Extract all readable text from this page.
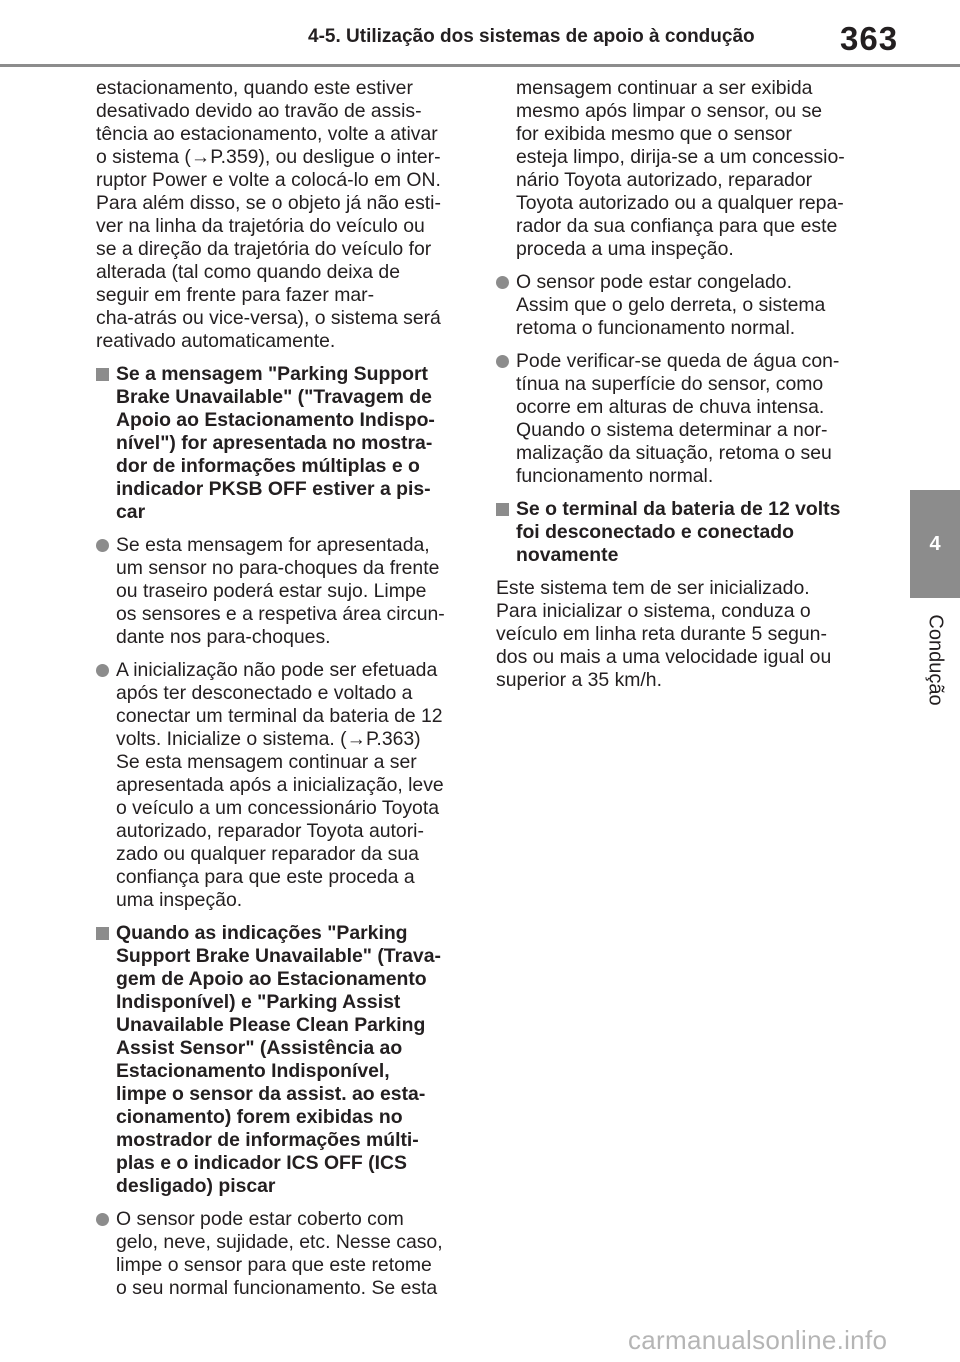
4-5. Utilização dos sistemas de apoio à condução	363
4
Condução
estacionamento, quando este estiver
desativado devido ao travão de assis-
tência ao estacionamento, volte a ativar
o sistema (→P.359), ou desligue o inter-
ruptor Power e volte a colocá-lo em ON.
Para além disso, se o objeto já não esti-
ver na linha da trajetória do veículo ou
se a direção da trajetória do veículo for
alterada (tal como quando deixa de
seguir em frente para fazer mar-
cha-atrás ou vice-versa), o sistema será
reativado automaticamente.
Se a mensagem "Parking Support
Brake Unavailable" ("Travagem de
Apoio ao Estacionamento Indispo-
nível") for apresentada no mostra-
dor de informações múltiplas e o
indicador PKSB OFF estiver a pis-
car
Se esta mensagem for apresentada,
um sensor no para-choques da frente
ou traseiro poderá estar sujo. Limpe
os sensores e a respetiva área circun-
dante nos para-choques.
A inicialização não pode ser efetuada
após ter desconectado e voltado a
conectar um terminal da bateria de 12
volts. Inicialize o sistema. (→P.363)
Se esta mensagem continuar a ser
apresentada após a inicialização, leve
o veículo a um concessionário Toyota
autorizado, reparador Toyota autori-
zado ou qualquer reparador da sua
confiança para que este proceda a
uma inspeção.
Quando as indicações "Parking
Support Brake Unavailable" (Trava-
gem de Apoio ao Estacionamento
Indisponível) e "Parking Assist
Unavailable Please Clean Parking
Assist Sensor" (Assistência ao
Estacionamento Indisponível,
limpe o sensor da assist. ao esta-
cionamento) forem exibidas no
mostrador de informações múlti-
plas e o indicador ICS OFF (ICS
desligado) piscar
O sensor pode estar coberto com
gelo, neve, sujidade, etc. Nesse caso,
limpe o sensor para que este retome
o seu normal funcionamento. Se esta
mensagem continuar a ser exibida
mesmo após limpar o sensor, ou se
for exibida mesmo que o sensor
esteja limpo, dirija-se a um concessio-
nário Toyota autorizado, reparador
Toyota autorizado ou a qualquer repa-
rador da sua confiança para que este
proceda a uma inspeção.
O sensor pode estar congelado.
Assim que o gelo derreta, o sistema
retoma o funcionamento normal.
Pode verificar-se queda de água con-
tínua na superfície do sensor, como
ocorre em alturas de chuva intensa.
Quando o sistema determinar a nor-
malização da situação, retoma o seu
funcionamento normal.
Se o terminal da bateria de 12 volts
foi desconectado e conectado
novamente
Este sistema tem de ser inicializado.
Para inicializar o sistema, conduza o
veículo em linha reta durante 5 segun-
dos ou mais a uma velocidade igual ou
superior a 35 km/h.
carmanualsonline.info
